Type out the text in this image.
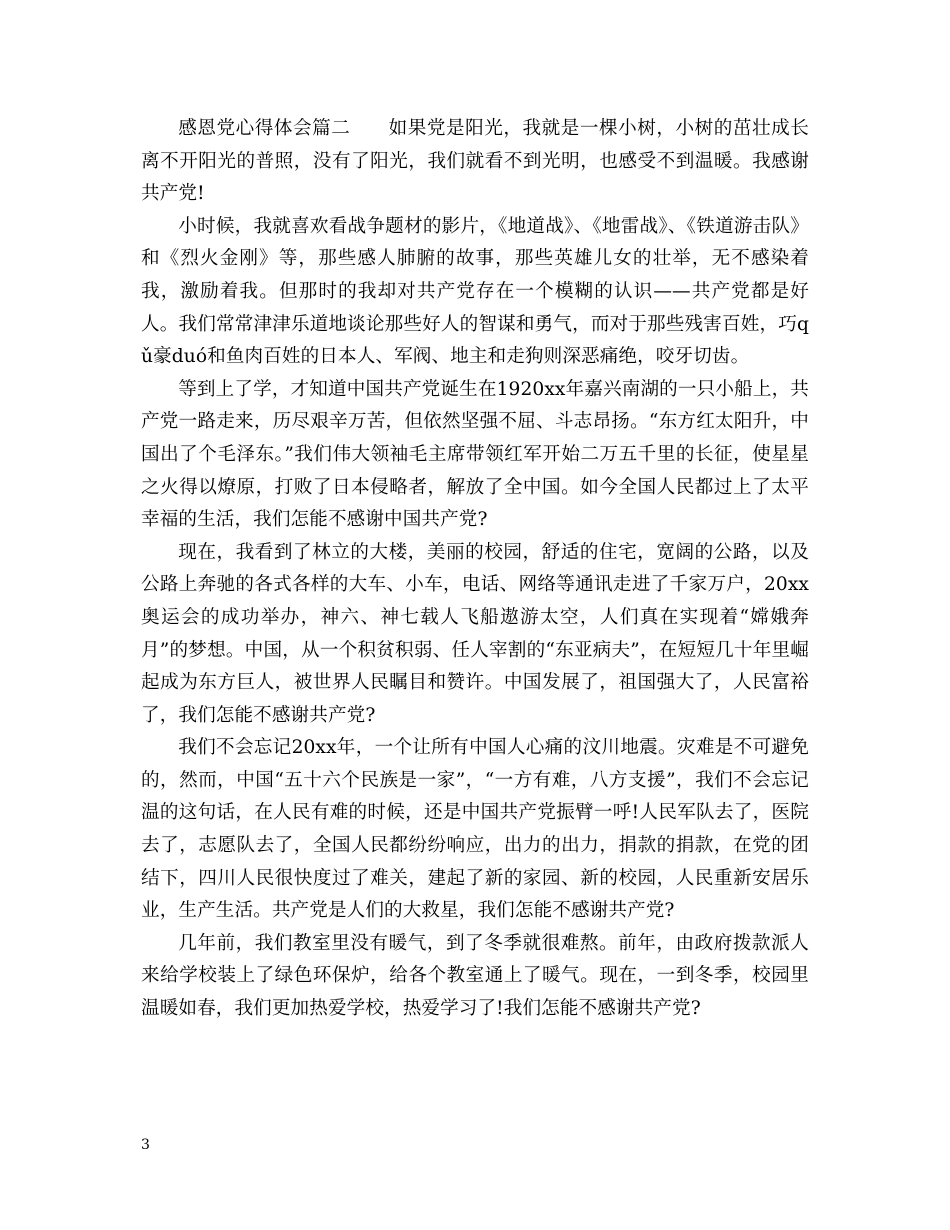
感恩党心得体会篇二　　如果党是阳光，我就是一棵小树，小树的茁壮成长离不开阳光的普照，没有了阳光，我们就看不到光明，也感受不到温暖。我感谢共产党!

小时候，我就喜欢看战争题材的影片，《地道战》、《地雷战》、《铁道游击队》和《烈火金刚》等，那些感人肺腑的故事，那些英雄儿女的壮举，无不感染着我，激励着我。但那时的我却对共产党存在一个模糊的认识——共产党都是好人。我们常常津津乐道地谈论那些好人的智谋和勇气，而对于那些残害百姓，巧qǔ豪duó和鱼肉百姓的日本人、军阀、地主和走狗则深恶痛绝，咬牙切齿。

等到上了学，才知道中国共产党诞生在1920xx年嘉兴南湖的一只小船上，共产党一路走来，历尽艰辛万苦，但依然坚强不屈、斗志昂扬。“东方红太阳升，中国出了个毛泽东。”我们伟大领袖毛主席带领红军开始二万五千里的长征，使星星之火得以燎原，打败了日本侵略者，解放了全中国。如今全国人民都过上了太平幸福的生活，我们怎能不感谢中国共产党?

现在，我看到了林立的大楼，美丽的校园，舒适的住宅，宽阔的公路，以及公路上奔驰的各式各样的大车、小车，电话、网络等通讯走进了千家万户，20xx奥运会的成功举办，神六、神七载人飞船遨游太空，人们真在实现着“嫦娥奔月”的梦想。中国，从一个积贫积弱、任人宰割的“东亚病夫”，在短短几十年里崛起成为东方巨人，被世界人民瞩目和赞许。中国发展了，祖国强大了，人民富裕了，我们怎能不感谢共产党?

我们不会忘记20xx年，一个让所有中国人心痛的汶川地震。灾难是不可避免的，然而，中国“五十六个民族是一家”，“一方有难，八方支援”，我们不会忘记温的这句话，在人民有难的时候，还是中国共产党振臂一呼!人民军队去了，医院去了，志愿队去了，全国人民都纷纷响应，出力的出力，捐款的捐款，在党的团结下，四川人民很快度过了难关，建起了新的家园、新的校园，人民重新安居乐业，生产生活。共产党是人们的大救星，我们怎能不感谢共产党?

几年前，我们教室里没有暖气，到了冬季就很难熬。前年，由政府拨款派人来给学校装上了绿色环保炉，给各个教室通上了暖气。现在，一到冬季，校园里温暖如春，我们更加热爱学校，热爱学习了!我们怎能不感谢共产党?

3
